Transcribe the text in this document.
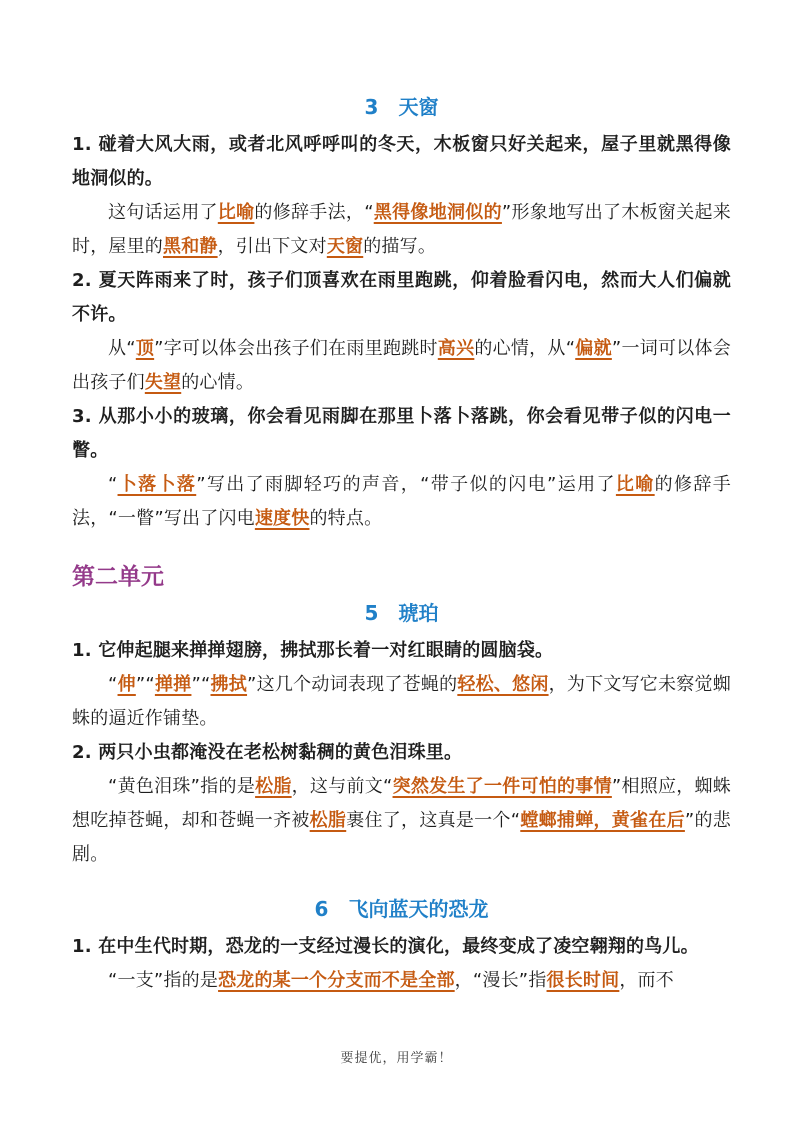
3 天窗

1. 碰着大风大雨，或者北风呼呼叫的冬天，木板窗只好关起来，屋子里就黑得像地洞似的。

这句话运用了比喻的修辞手法，“黑得像地洞似的”形象地写出了木板窗关起来时，屋里的黑和静，引出下文对天窗的描写。

2. 夏天阵雨来了时，孩子们顶喜欢在雨里跑跳，仰着脸看闪电，然而大人们偏就不许。

从“顶”字可以体会出孩子们在雨里跑跳时高兴的心情，从“偏就”一词可以体会出孩子们失望的心情。

3. 从那小小的玻璃，你会看见雨脚在那里卜落卜落跳，你会看见带子似的闪电一瞥。

“卜落卜落”写出了雨脚轻巧的声音，“带子似的闪电”运用了比喻的修辞手法，“一瞥”写出了闪电速度快的特点。

第二单元
5 琥珀

1. 它伸起腿来掸掸翅膀，拂拭那长着一对红眼睛的圆脑袋。

“伸”“掸掸”“拂拭”这几个动词表现了苍蝇的轻松、悠闲，为下文写它未察觉蜘蛛的逼近作铺垫。

2. 两只小虫都淹没在老松树黏稠的黄色泪珠里。

“黄色泪珠”指的是松脂，这与前文“突然发生了一件可怕的事情”相照应，蜘蛛想吃掉苍蝇，却和苍蝇一齐被松脂裹住了，这真是一个“螳螂捕蝉，黄雀在后”的悲剧。

6 飞向蓝天的恐龙

1. 在中生代时期，恐龙的一支经过漫长的演化，最终变成了凌空翱翔的鸟儿。

“一支”指的是恐龙的某一个分支而不是全部，“漫长”指很长时间，而不

要提优，用学霸！
